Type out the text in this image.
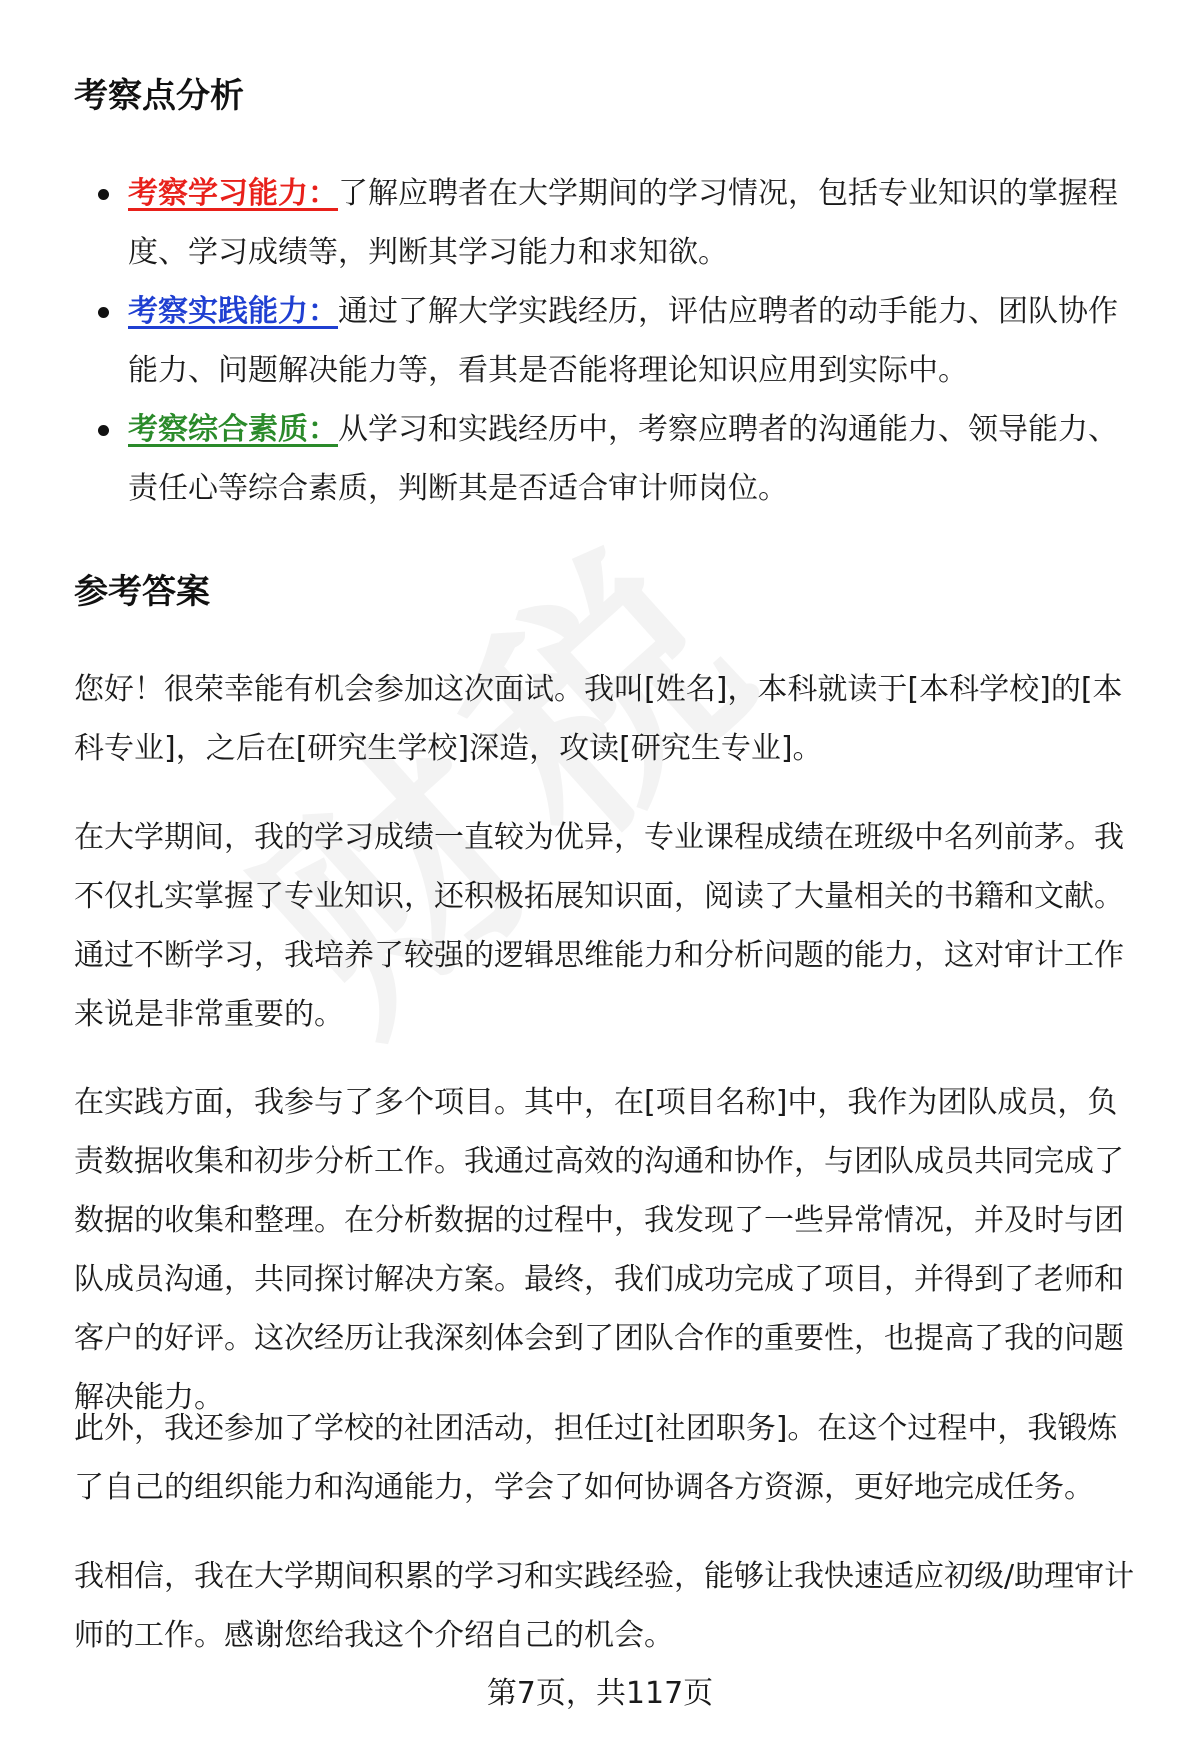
考察点分析
考察学习能力：了解应聘者在大学期间的学习情况，包括专业知识的掌握程度、学习成绩等，判断其学习能力和求知欲。
考察实践能力：通过了解大学实践经历，评估应聘者的动手能力、团队协作能力、问题解决能力等，看其是否能将理论知识应用到实际中。
考察综合素质：从学习和实践经历中，考察应聘者的沟通能力、领导能力、责任心等综合素质，判断其是否适合审计师岗位。
参考答案

您好！很荣幸能有机会参加这次面试。我叫[姓名]，本科就读于[本科学校]的[本科专业]，之后在[研究生学校]深造，攻读[研究生专业]。

在大学期间，我的学习成绩一直较为优异，专业课程成绩在班级中名列前茅。我不仅扎实掌握了专业知识，还积极拓展知识面，阅读了大量相关的书籍和文献。通过不断学习，我培养了较强的逻辑思维能力和分析问题的能力，这对审计工作来说是非常重要的。

在实践方面，我参与了多个项目。其中，在[项目名称]中，我作为团队成员，负责数据收集和初步分析工作。我通过高效的沟通和协作，与团队成员共同完成了数据的收集和整理。在分析数据的过程中，我发现了一些异常情况，并及时与团队成员沟通，共同探讨解决方案。最终，我们成功完成了项目，并得到了老师和客户的好评。这次经历让我深刻体会到了团队合作的重要性，也提高了我的问题解决能力。

此外，我还参加了学校的社团活动，担任过[社团职务]。在这个过程中，我锻炼了自己的组织能力和沟通能力，学会了如何协调各方资源，更好地完成任务。

我相信，我在大学期间积累的学习和实践经验，能够让我快速适应初级/助理审计师的工作。感谢您给我这个介绍自己的机会。

第7页，共117页
